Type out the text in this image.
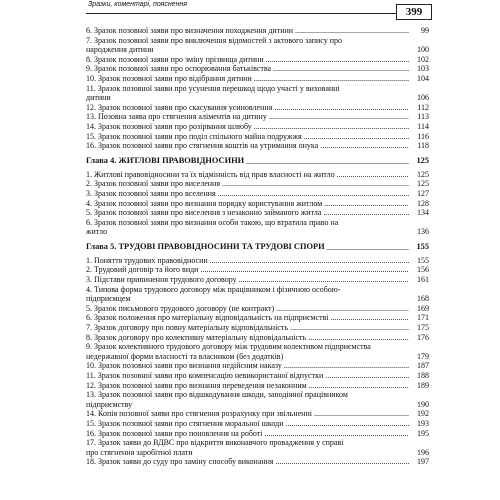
Зразки, коментарі, пояснення
399
6. Зразок позовної заяви про визначення походження дитини .....	99
7. Зразок позовної заяви про виключення відомостей з актового запису про
народження дитини	100
8. Зразок позовної заяви про зміну прізвища дитини .....	102
9. Зразок позовної заяви про оспорювання батьківства .....	103
10. Зразок позовної заяви про відібрання дитини .....	104
11. Зразок позовної заяви про усунення перешкод щодо участі у вихованні
дитини	106
12. Зразок позовної заяви про скасування усиновлення .....	112
13. Позовна заява про стягнення аліментів на дитину .....	113
14. Зразок позовної заяви про розірвання шлюбу .....	114
15. Зразок позовної заяви про поділ спільного майна подружжя .....	116
16. Зразок позовної заяви про стягнення коштів на утримання онука .....	118
Глава 4. ЖИТЛОВІ ПРАВОВІДНОСИНИ _____	125
1. Житлові правовідносини та їх відмінність від прав власності на житло .....	125
2. Зразок позовної заяви про виселення .....	125
3. Зразок позовної заяви про вселення .....	127
4. Зразок позовної заяви про визнання порядку користування житлом .....	128
5. Зразок позовної заяви про виселення з незаконно займаного житла .....	134
6. Зразок позовної заяви про визнання особи такою, що втратила право на
житло	136
Глава 5. ТРУДОВІ ПРАВОВІДНОСИНИ ТА ТРУДОВІ СПОРИ _____	155
1. Поняття трудових правовідносин .....	155
2. Трудовий договір та його види .....	156
3. Підстави припинення трудового договору .....	161
4. Типова форма трудового договору між працівником і фізичною особою-
підприємцем	168
5. Зразок письмового трудового договору (не контракт) .....	169
6. Зразок положення про матеріальну відповідальність на підприємстві .....	171
7. Зразок договору про повну матеріальну відповідальність .....	175
8. Зразок договору про колективну матеріальну відповідальність .....	176
9. Зразок колективного трудового договору між трудовим колективом підприємства
недержавної форми власності та власником (без додатків)	179
10. Зразок позовної заяви про визнання недійсним наказу .....	187
11. Зразок позовної заяви про компенсацію невикористаної відпустки .....	188
12. Зразок позовної заяви про визнання переведення незаконним .....	189
13. Зразок позовної заяви про відшкодування шкоди, заподіяної працівником
підприємству	190
14. Копія позовної заяви про стягнення розрахунку при звільненні .....	192
15. Зразок позовної заяви про стягнення моральної шкоди .....	193
16. Зразок позовної заяви про поновлення на роботі .....	195
17. Зразок заяви до ВДВС про відкриття виконавчого провадження у справі
про стягнення заробітної плати	196
18. Зразок заяви до суду про заміну способу виконання .....	197
